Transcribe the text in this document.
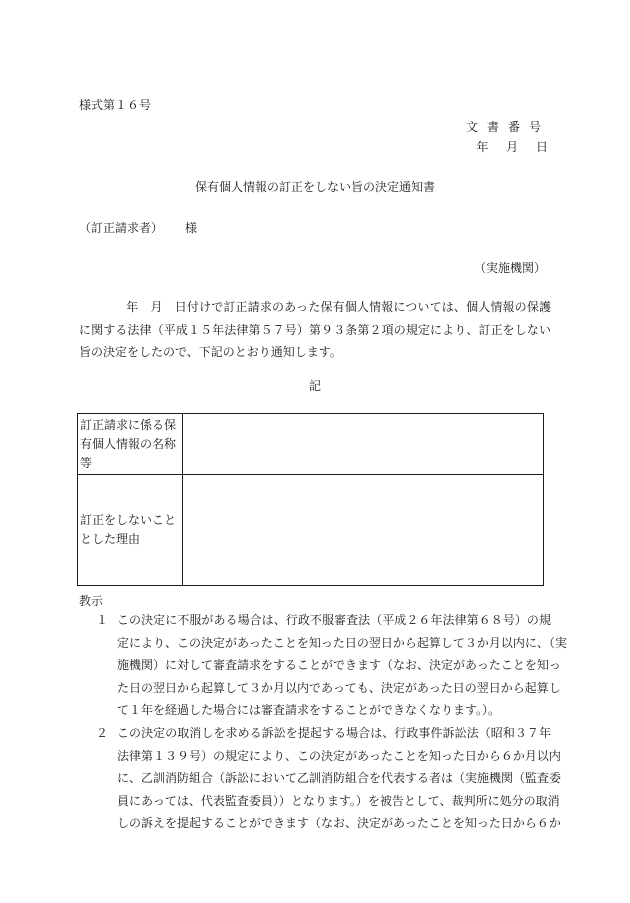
様式第１６号
文書番号
年 月 日
保有個人情報の訂正をしない旨の決定通知書
（訂正請求者） 様
（実施機関）
年　月　日付けで訂正請求のあった保有個人情報については、個人情報の保護
に関する法律（平成１５年法律第５７号）第９３条第２項の規定により、訂正をしない
旨の決定をしたので、下記のとおり通知します。
記
訂正請求に係る保
有個人情報の名称
等	

訂正をしないこと
とした理由	

教示
１ この決定に不服がある場合は、行政不服審査法（平成２６年法律第６８号）の規
定により、この決定があったことを知った日の翌日から起算して３か月以内に、（実
施機関）に対して審査請求をすることができます（なお、決定があったことを知っ
た日の翌日から起算して３か月以内であっても、決定があった日の翌日から起算し
て１年を経過した場合には審査請求をすることができなくなります。）。
２ この決定の取消しを求める訴訟を提起する場合は、行政事件訴訟法（昭和３７年
法律第１３９号）の規定により、この決定があったことを知った日から６か月以内
に、乙訓消防組合（訴訟において乙訓消防組合を代表する者は（実施機関（監査委
員にあっては、代表監査委員））となります。）を被告として、裁判所に処分の取消
しの訴えを提起することができます（なお、決定があったことを知った日から６か
